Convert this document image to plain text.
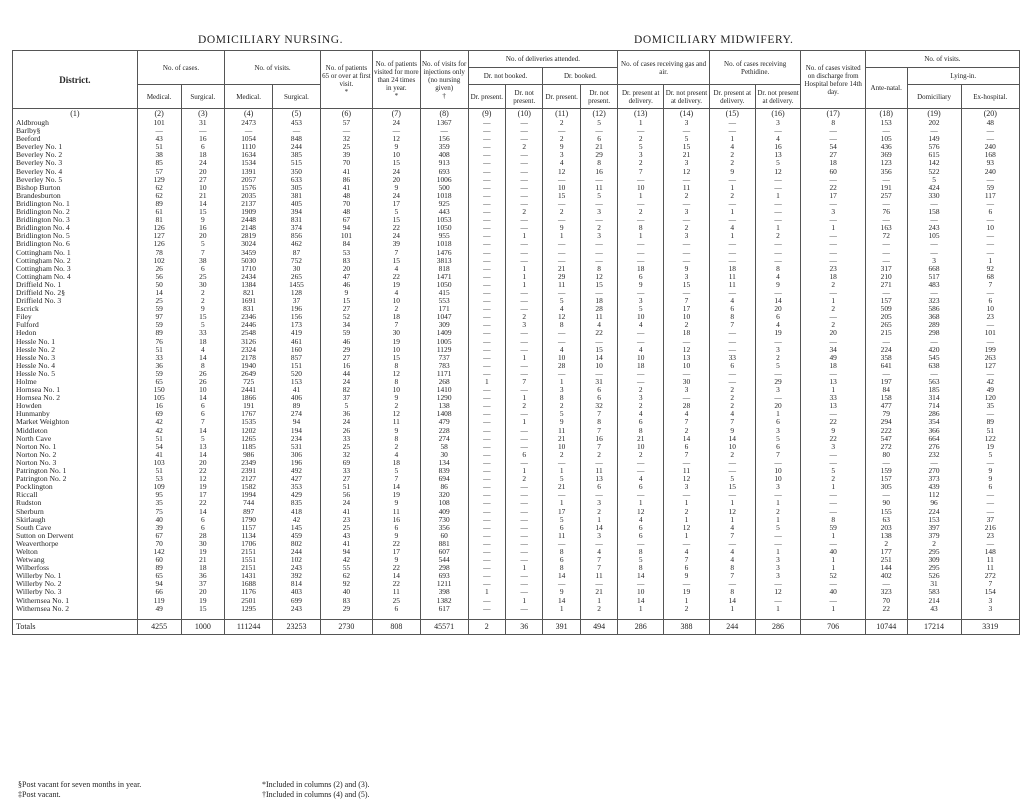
DOMICILIARY NURSING.	DOMICILIARY MIDWIFERY.
District.	No. of cases.		No. of visits.		No. of patients 65 or over at first visit.
*	No. of patients visited for more than 24 times in year.
*	No. of visits for injections only (no nursing given)
†	No. of deliveries attended.				No. of cases receiving gas and air.		No. of cases receiving Pethidine.		No. of cases visited on discharge from Hospital before 14th day.	No. of visits.		
								Dr. not booked.		Dr. booked.							Ante-natal.	Lying-in.	
	Medical.	Surgical.	Medical.	Surgical.				Dr. present.	Dr. not present.	Dr. present.	Dr. not present.	Dr. present at delivery.	Dr. not present at delivery.	Dr. present at delivery.	Dr. not present at delivery.			Domiciliary	Ex-hospital.
(1)	(2)	(3)	(4)	(5)	(6)	(7)	(8)	(9)	(10)	(11)	(12)	(13)	(14)	(15)	(16)	(17)	(18)	(19)	(20)
Aldbrough	101	31	2473	453	57	24	1367	—	—	2	5	1	3	—	3	8	153	202	48
Barlby§	—	—	—	—	—	—	—	—	—	—	—	—	—	—	—	—	—	—	—
Beeford	43	16	1054	848	32	12	156	—	—	2	6	2	5	1	4	—	105	149	—
Beverley No. 1	51	6	1110	244	25	9	359	—	2	9	21	5	15	4	16	54	436	576	240
Beverley No. 2	38	18	1634	385	39	10	408	—	—	3	29	3	21	2	13	27	369	615	168
Beverley No. 3	85	24	1534	515	70	15	913	—	—	4	8	2	3	2	5	18	123	142	93
Beverley No. 4	57	20	1391	350	41	24	693	—	—	12	16	7	12	9	12	60	356	522	240
Beverley No. 5	129	27	2057	633	86	20	1006	—	—	—	—	—	—	—	—	—	—	5	—
Bishop Burton	62	10	1576	305	41	9	500	—	—	10	11	10	11	1	—	22	191	424	59
Brandesburton	62	21	2035	381	48	24	1018	—	—	15	5	1	2	2	1	17	257	330	117
Bridlington No. 1	89	14	2137	405	70	17	925	—	—	—	—	—	—	—	—	—	—	—	—
Bridlington No. 2	61	15	1909	394	48	5	443	—	2	2	3	2	3	1	—	3	76	158	6
Bridlington No. 3	81	9	2448	831	67	15	1053	—	—	—	—	—	—	—	—	—	—	—	—
Bridlington No. 4	126	16	2148	374	94	22	1050	—	—	9	2	8	2	4	1	1	163	243	10
Bridlington No. 5	127	20	2819	856	101	24	955	—	1	1	3	1	3	1	2	—	72	105	—
Bridlington No. 6	126	5	3024	462	84	39	1018	—	—	—	—	—	—	—	—	—	—	—	—
Cottingham No. 1	78	7	3459	87	53	7	1476	—	—	—	—	—	—	—	—	—	—	—	—
Cottingham No. 2	102	38	5030	752	83	15	3813	—	—	—	—	—	—	—	—	—	—	3	1
Cottingham No. 3	26	6	1710	30	20	4	818	—	1	21	8	18	9	18	8	23	317	668	92
Cottingham No. 4	56	25	2434	265	47	22	1471	—	1	29	12	6	3	11	4	18	210	517	68
Driffield No. 1	50	30	1384	1455	46	19	1050	—	1	11	15	9	15	11	9	2	271	483	7
Driffield No. 2§	14	2	821	128	9	4	415	—	—	—	—	—	—	—	—	—	—	—	—
Driffield No. 3	25	2	1691	37	15	10	553	—	—	5	18	3	7	4	14	1	157	323	6
Escrick	59	9	831	196	27	2	171	—	—	4	28	5	17	6	20	2	509	586	10
Filey	97	15	2346	156	52	18	1047	—	2	12	11	10	10	8	6	—	205	368	23
Fulford	59	5	2446	173	34	7	309	—	3	8	4	4	2	7	4	2	265	289	—
Hedon	89	33	2548	419	59	30	1409	—	—	—	22	—	18	—	19	20	215	298	101
Hessle No. 1	76	18	3126	461	46	19	1005	—	—	—	—	—	—	—	—	—	—	—	—
Hessle No. 2	51	4	2324	160	29	10	1129	—	—	4	15	4	12	—	3	34	224	420	199
Hessle No. 3	33	14	2178	857	27	15	737	—	1	10	14	10	13	33	2	49	358	545	263
Hessle No. 4	36	8	1940	151	16	8	783	—	—	28	10	18	10	6	5	18	641	638	127
Hessle No. 5	59	26	2649	520	44	12	1171	—	—	—	—	—	—	—	—	—	—	—	—
Holme	65	26	725	153	24	8	268	1	7	1	31	—	30	—	29	13	197	563	42
Hornsea No. 1	150	10	2441	41	82	10	1410	—	—	3	6	2	3	2	3	1	84	185	49
Hornsea No. 2	105	14	1866	406	37	9	1290	—	1	8	6	3	—	2	—	33	158	314	120
Howden	16	6	191	89	5	2	138	—	2	2	32	2	28	2	20	13	477	714	35
Hunmanby	69	6	1767	274	36	12	1408	—	—	5	7	4	4	4	1	—	79	286	—
Market Weighton	42	7	1535	94	24	11	479	—	1	9	8	6	7	7	6	22	294	354	89
Middleton	42	14	1202	194	26	9	228	—	—	11	7	8	2	9	3	9	222	366	51
North Cave	51	5	1265	234	33	8	274	—	—	21	16	21	14	14	5	22	547	664	122
Norton No. 1	54	13	1185	531	25	2	58	—	—	10	7	10	6	10	6	3	272	276	19
Norton No. 2	41	14	986	306	32	4	30	—	6	2	2	2	7	2	7	—	80	232	5
Norton No. 3	103	20	2349	196	69	18	134	—	—	—	—	—	—	—	—	—	—	—	—
Patrington No. 1	51	22	2391	492	33	5	839	—	1	1	11	—	11	—	10	5	159	270	9
Patrington No. 2	53	12	2127	427	27	7	694	—	2	5	13	4	12	5	10	2	157	373	9
Pocklington	109	19	1582	353	51	14	86	—	—	21	6	6	3	15	3	1	305	439	6
Riccall	95	17	1994	429	56	19	320	—	—	—	—	—	—	—	—	—	—	112	—
Rudston	35	22	744	835	24	9	108	—	—	1	3	1	1	1	1	—	90	96	—
Sherburn	75	14	897	418	41	11	409	—	—	17	2	12	2	12	2	—	155	224	—
Skirlaugh	40	6	1790	42	23	16	730	—	—	5	1	4	1	1	1	8	63	153	37
South Cave	39	6	1157	145	25	6	356	—	—	6	14	6	12	4	5	59	203	397	216
Sutton on Derwent	67	28	1134	459	43	9	60	—	—	11	3	6	1	7	—	1	138	379	23
Weaverthorpe	70	30	1706	802	41	22	881	—	—	—	—	—	—	—	—	—	2	2	—
Welton	142	19	2151	244	94	17	607	—	—	8	4	8	4	4	1	40	177	295	148
Wetwang	60	21	1551	102	42	9	544	—	—	6	7	5	7	4	3	1	251	309	11
Wilberfoss	89	18	2151	243	55	22	298	—	1	8	7	8	6	8	3	1	144	295	11
Willerby No. 1	65	36	1431	392	62	14	693	—	—	14	11	14	9	7	3	52	402	526	272
Willerby No. 2	94	37	1688	814	92	22	1211	—	—	—	—	—	—	—	—	—	—	31	7
Willerby No. 3	66	20	1176	403	40	11	398	1	—	9	21	10	19	8	12	40	323	583	154
Withernsea No. 1	119	19	2501	699	83	25	1382	—	1	14	1	14	1	14	—	—	70	214	3
Withernsea No. 2	49	15	1295	243	29	6	617	—	—	1	2	1	2	1	1	1	22	43	3

Totals	4255	1000	111244	23253	2730	808	45571	2	36	391	494	286	388	244	286	706	10744	17214	3319
§Post vacant for seven months in year.
‡Post vacant.
*Included in columns (2) and (3).
†Included in columns (4) and (5).
